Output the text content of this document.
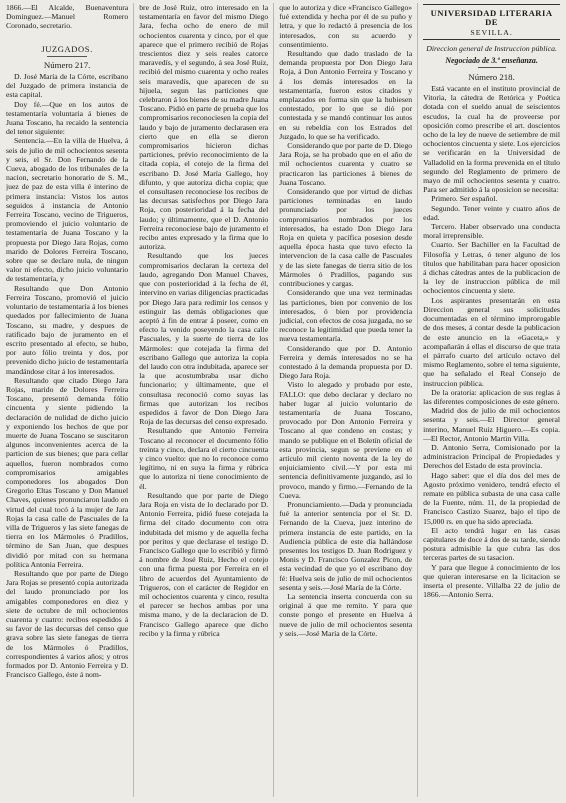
1866.—El Alcalde, Buenaventura Dominguez.—Manuel Romero Coronado, secretario.

JUZGADOS.
Número 217.

D. José María de la Córte, escribano del Juzgado de primera instancia de esta capital.

Doy fé.—Que en los autos de testamentaría voluntaria á bienes de Juana Toscano, ha recaido la sentencia del tenor siguiente:

Sentencia.—En la villa de Huelva, á seis de julio de mil ochocientos sesenta y seis, el Sr. Don Fernando de la Cueva, abogado de los tribunales de la nacion, secretario honorario de S. M., juez de paz de esta villa é interino de primera instancia: Vistos los autos seguidos á instancia de Antonio Ferreira Toscano, vecino de Trigueros, promoviendo el juicio voluntario de testamentaría de Juana Toscano y la propuesta por Diego Jara Rojas, como marido de Dolores Ferreira Toscano, sobre que se declare nula, de ningun valor ni efecto, dicho juicio voluntario de testamentaría, y

Resultando que Don Antonio Ferreira Toscano, promovió el juicio voluntario de testamentaría á los bienes quedados por fallecimiento de Juana Toscano, su madre, y despues de ratificado bajo de juramento en el escrito presentado al efecto, se hubo, por auto fólio treinta y dos, por prevenido dicho juicio de testamentaría mandándose citar á los interesados.

Resultando que citado Diego Jara Rojas, marido de Dolores Ferreira Toscano, presentó demanda fólio cincuenta y siente pidiendo la declaración de nulidad de dicho juicio y exponiendo los hechos de que por muerte de Juana Toscano se suscitaron algunos inconvenientes acerca de la particion de sus bienes; que para cellar aquellos, fueron nombrados como compromisarios amigables componedores los abogados Don Gregorio Eltas Toscano y Don Manuel Chaves, quienes pronunciaron laudo en virtud del cual tocó á la mujer de Jara Rojas la casa calle de Pascuales de la villa de Trigueros y las siete fanegas de tierra en los Mármoles ó Pradillos, término de San Juan, que despues dividió por mitad con su hermana política Antonia Ferreira.

Resultando que por parte de Diego Jara Rojas se presentó copia autorizada del laudo pronunciado por los amigables componedores en diez y siete de octubre de mil ochocientos cuarenta y cuatro: recibos espedidos á su favor de las decursas del censo que grava sobre las siete fanegas de tierra de los Mármoles ó Pradillos, correspondientes á varios años; y otros formados por D. Antonio Ferreira y D. Francisco Gallego, éste á nom-

bre de José Ruiz, otro interesado en la testamentaría en favor del mismo Diego Jara, fecha ocho de enero de mil ochocientos cuarenta y cinco, por el que aparece que el primero recibió de Rojas trescientos diez y seis reales catorce maravedís, y el segundo, á sea José Ruiz, recibió del mismo cuarenta y ocho reales seis maravedís, que aparecen de su hijuela, segun las particiones que celebraron á los bienes de su madre Juana Toscano. Pidió en parte de prueba que los compromisarios reconociesen la copia del laudo y bajo de juramento declarasen era cierto que en ella se dieron compromisarios hicieron dichas particiones, prévio reconocimiento de la citada copia, el cotejo de la firma del escribano D. José María Gallego, hoy difunto, y que autoriza dicha copia; que el consultasen reconociese los recibos de las decursas satisfechos por Diego Jara Roja, con posterioridad á la fecha del laudo; y últimamente, que el D. Antonio Ferreira reconociese bajo de juramento el recibo antes expresado y la firma que lo autoriza.

Resultando que los jueces compromisarios declaran la certeza del laudo, agregando Don Manuel Chaves, que con posterioridad á la fecha de él, intervino en varias diligencias practicadas por Diego Jara para redimir los censos y estinguir las demás obligaciones que aceptó á fin de entrar á poseer, como en efecto la venido poseyendo la casa calle Pascuales, y la suerte de tierra de los Mármoles: que cotejada la firma del escribano Gallego que autoriza la copia del laudo con otra indubitada, aparece ser la que acostumbraba usar dicho funcionario; y últimamente, que el consultasa reconoció como suyas las firmas que autorizan los recibos espedidos á favor de Don Diego Jara Roja de las decursas del censo expresado.

Resultando que Antonio Ferreira Toscano al reconocer el documento fólio treinta y cinco, declara el cierto cincuenta y cinco vuelto: que no lo reconoce como legítimo, ni en suya la firma y rúbrica que lo autoriza ni tiene conocimiento de él.

Resultando que por parte de Diego Jara Roja en vista de lo declarado por D. Antonio Ferreira, pidió fuese cotejada la firma del citado documento con otra indubitada del mismo y de aquella fecha por peritos y que declarase el testigo D. Francisco Gallego que lo escribió y firmó á nombre de José Ruiz, Hecho el cotejo con una firma puesta por Ferreira en el libro de acuerdos del Ayuntamiento de Trigueros, con el carácter de Regidor en mil ochocientos cuarenta y cinco, resulta el parecer se hechos ambas por una misma mano, y de la declaracion de D. Francisco Gallego aparece que dicho recibo y la firma y rúbrica

que lo autoriza y dice «Francisco Gallego» fué extendida y hecha por él de su puño y letra, y que lo redactó á presencia de los interesados, con su acuerdo y consentimiento.

Resultando que dado traslado de la demanda propuesta por Don Diego Jara Roja, á Don Antonio Ferreira y Toscano y á los demás interesados en la testamentaría, fueron estos citados y emplazados en forma sin que la hubiesen contestado, por lo que se dió por contestada y se mandó continuar los autos en su rebeldía con los Estrados del Juzgado, lo que se ha verificado.

Considerando que por parte de D. Diego Jara Roja, se ha probado que en el año de mil ochocientos cuarenta y cuatro se practicaron las particiones á bienes de Juana Toscano.

Considerando que por virtud de dichas particiones terminadas en laudo pronunciado por los jueces compromisarios nombrados por los interesados, ha estado Don Diego Jara Roja en quieta y pacífica posesion desde aquella época hasta que tuvo efecto la intervencion de la casa calle de Pascuales y de las siete fanegas de tierra sitio de los Mármoles ó Pradillos, pagando sus contribuciones y cargas.

Considerando que una vez terminadas las particiones, bien por convenio de los interesados, ó bien por providencia judicial, con efectos de cosa juzgada, no se reconoce la legitimidad que pueda tener la nueva testamentaría.

Considerando que por D. Antonio Ferreira y demás interesados no se ha contestado á la demanda propuesta por D. Diego Jara Roja.

Visto lo alegado y probado por este, FALLO: que debo declarar y declaro no haber lugar al juicio voluntario de testamentaría de Juana Toscano, provocado por Don Antonio Ferreira y Toscano al que condeno en costas; y mando se publique en el Boletín oficial de esta provincia, segun se previene en el artículo mil ciento noventa de la ley de enjuiciamiento civil.—Y por esta mi sentencia definitivamente juzgando, así lo provoco, mando y firmo.—Fernando de la Cueva.

Pronunciamiento.—Dada y pronunciada fué la anterior sentencia por el Sr. D. Fernando de la Cueva, juez interino de primera instancia de este partido, en la Audiencia pública de este día hallándose presentes los testigos D. Juan Rodriguez y Monis y D. Francisco Gonzalez Picon, de esta vecindad de que yo el escribano doy fé: Huelva seis de julio de mil ochocientos sesenta y seis.—José María de la Córte.

La sentencia inserta concuerda con su original á que me remito. Y para que conste pongo el presente en Huelva á nueve de julio de mil ochocientos sesenta y seis.—José María de la Córte.

UNIVERSIDAD LITERARIA DE
SEVILLA.
Direccion general de Instruccion pública.
Negociado de 3.º enseñanza.
Número 218.

Está vacante en el instituto provincial de Vitoria, la cátedra de Retórica y Poética dotada con el sueldo anual de seiscientos escudos, la cual ha de proveerse por oposición como prescribe el art. doscientos ocho de la ley de nueve de setiembre de mil ochocientos cincuenta y siete. Los ejercicios se verificarán en la Universidad de Valladolid en la forma prevenida en el título segundo del Reglamento de primero de mayo de mil ochocientos sesenta y cuatro. Para ser admitido á la oposicion se necesita:

Primero. Ser español.

Segundo. Tener veinte y cuatro años de edad.

Tercero. Haber observado una conducta moral irreprensible.

Cuarto. Ser Bachiller en la Facultad de Filosofía y Letras, ó tener alguno de los títulos que habilitaban para hacer oposicion á dichas cátedras antes de la publicacion de la ley de instruccion pública de mil ochocientos cincuenta y siete.

Los aspirantes presentarán en esta Direccion general sus solicitudes documentadas en el término improrogable de dos meses, á contar desde la publicacion de este anuncio en la «Gaceta,» y acompañarán á ellas el discurso de que trata el párrafo cuarto del artículo octavo del mismo Reglamento, sobre el tema siguiente, que ha señalado el Real Consejo de instruccion pública.

De la oratoria: aplicacion de sus reglas á las diferentes composiciones de este género.

Madrid dos de julio de mil ochocientos sesenta y seis.—El Director general interino, Manuel Ruiz Higuero.—Es copia.—El Rector, Antonio Martin Villa.

D. Antonio Serra, Comisionado por la administracion Principal de Propiedades y Derechos del Estado de esta provincia.

Hago saber: que el día dos del mes de Agosto próximo venidero, tendrá efecto el remate en pública subasta de una casa calle de la Fuente, núm. 11, de la propiedad de Francisco Castizo Suarez, bajo el tipo de 15,000 rs. en que ha sido apreciada.

El acto tendrá lugar en las casas capitulares de doce á dos de su tarde, siendo postura admisible la que cubra las dos terceras partes de su tasacion.

Y para que llegue á conocimiento de los que quieran interesarse en la licitacion se inserta el presente. Villalba 22 de julio de 1866.—Antonio Serra.
